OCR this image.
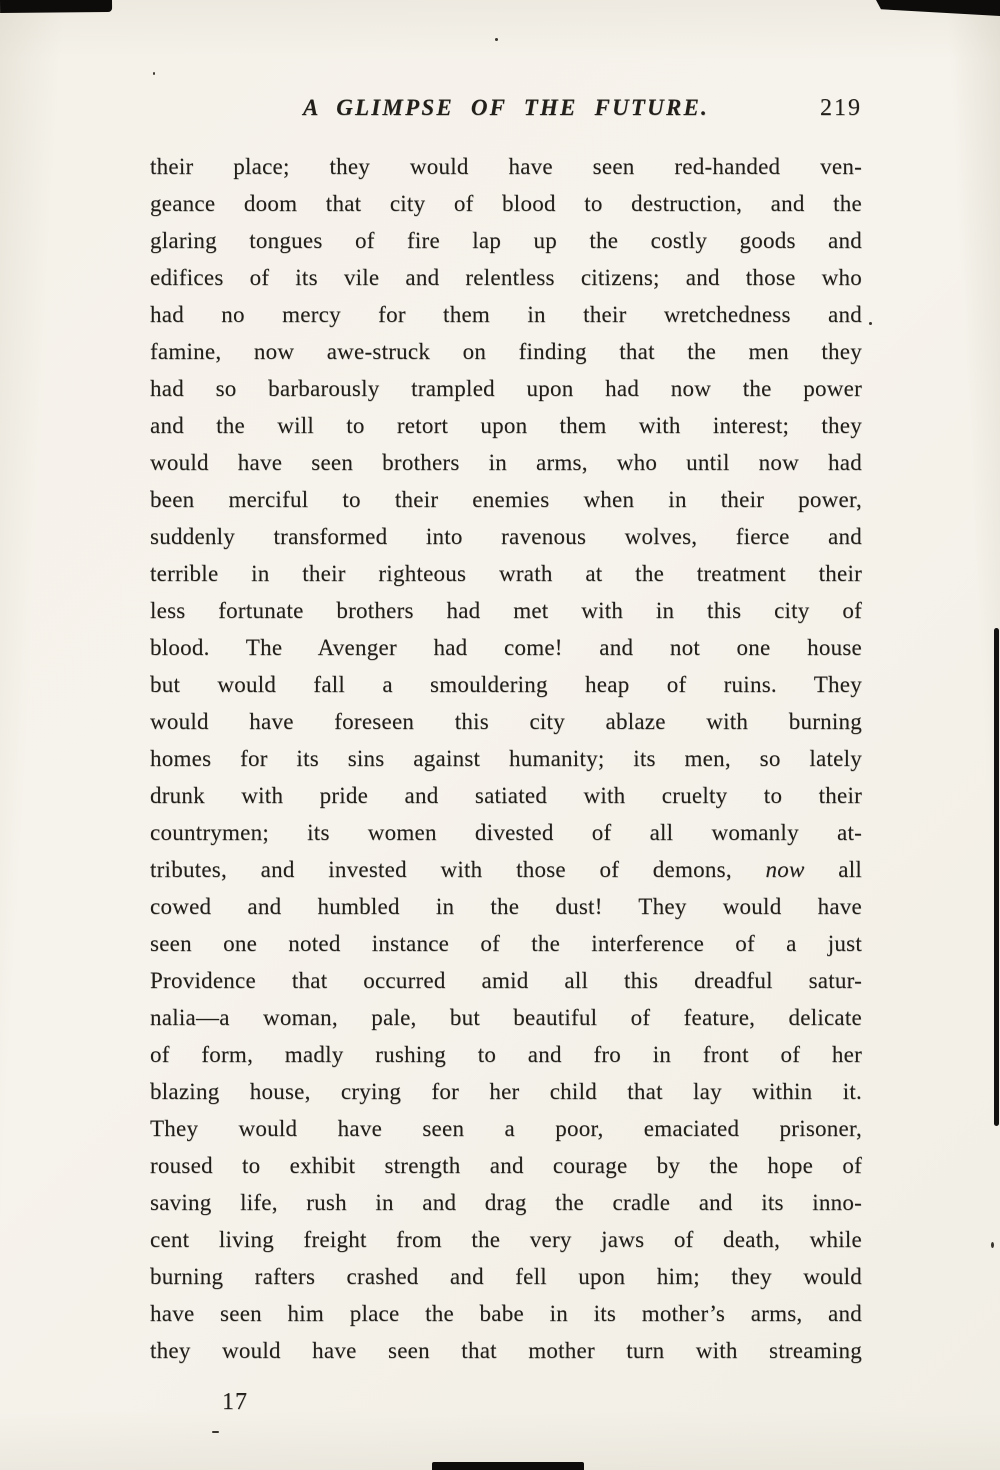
A GLIMPSE OF THE FUTURE.	219
their place; they would have seen red-handed ven-
geance doom that city of blood to destruction, and the
glaring tongues of fire lap up the costly goods and
edifices of its vile and relentless citizens; and those who
had no mercy for them in their wretchedness and
famine, now awe-struck on finding that the men they
had so barbarously trampled upon had now the power
and the will to retort upon them with interest; they
would have seen brothers in arms, who until now had
been merciful to their enemies when in their power,
suddenly transformed into ravenous wolves, fierce and
terrible in their righteous wrath at the treatment their
less fortunate brothers had met with in this city of
blood. The Avenger had come! and not one house
but would fall a smouldering heap of ruins. They
would have foreseen this city ablaze with burning
homes for its sins against humanity; its men, so lately
drunk with pride and satiated with cruelty to their
countrymen; its women divested of all womanly at-
tributes, and invested with those of demons, now all
cowed and humbled in the dust! They would have
seen one noted instance of the interference of a just
Providence that occurred amid all this dreadful satur-
nalia—a woman, pale, but beautiful of feature, delicate
of form, madly rushing to and fro in front of her
blazing house, crying for her child that lay within it.
They would have seen a poor, emaciated prisoner,
roused to exhibit strength and courage by the hope of
saving life, rush in and drag the cradle and its inno-
cent living freight from the very jaws of death, while
burning rafters crashed and fell upon him; they would
have seen him place the babe in its mother’s arms, and
they would have seen that mother turn with streaming
17
